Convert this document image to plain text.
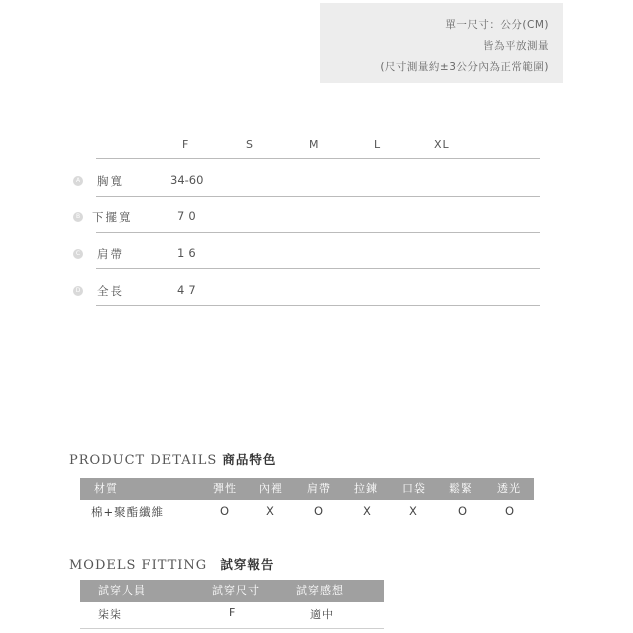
單一尺寸：公分(CM)
皆為平放測量
(尺寸測量約±3公分內為正常範圍)
F	S	M	L	XL
A 胸寬	34-60
B 下擺寬	70
C 肩帶	16
D 全長	47
PRODUCT DETAILS 商品特色
材質	彈性 內裡 肩帶 拉鍊 口袋 鬆緊 透光
棉+聚酯纖維	O	X	O	X	X	O	O
MODELS FITTING 試穿報告
試穿人員	試穿尺寸	試穿感想
柒柒	F	適中
